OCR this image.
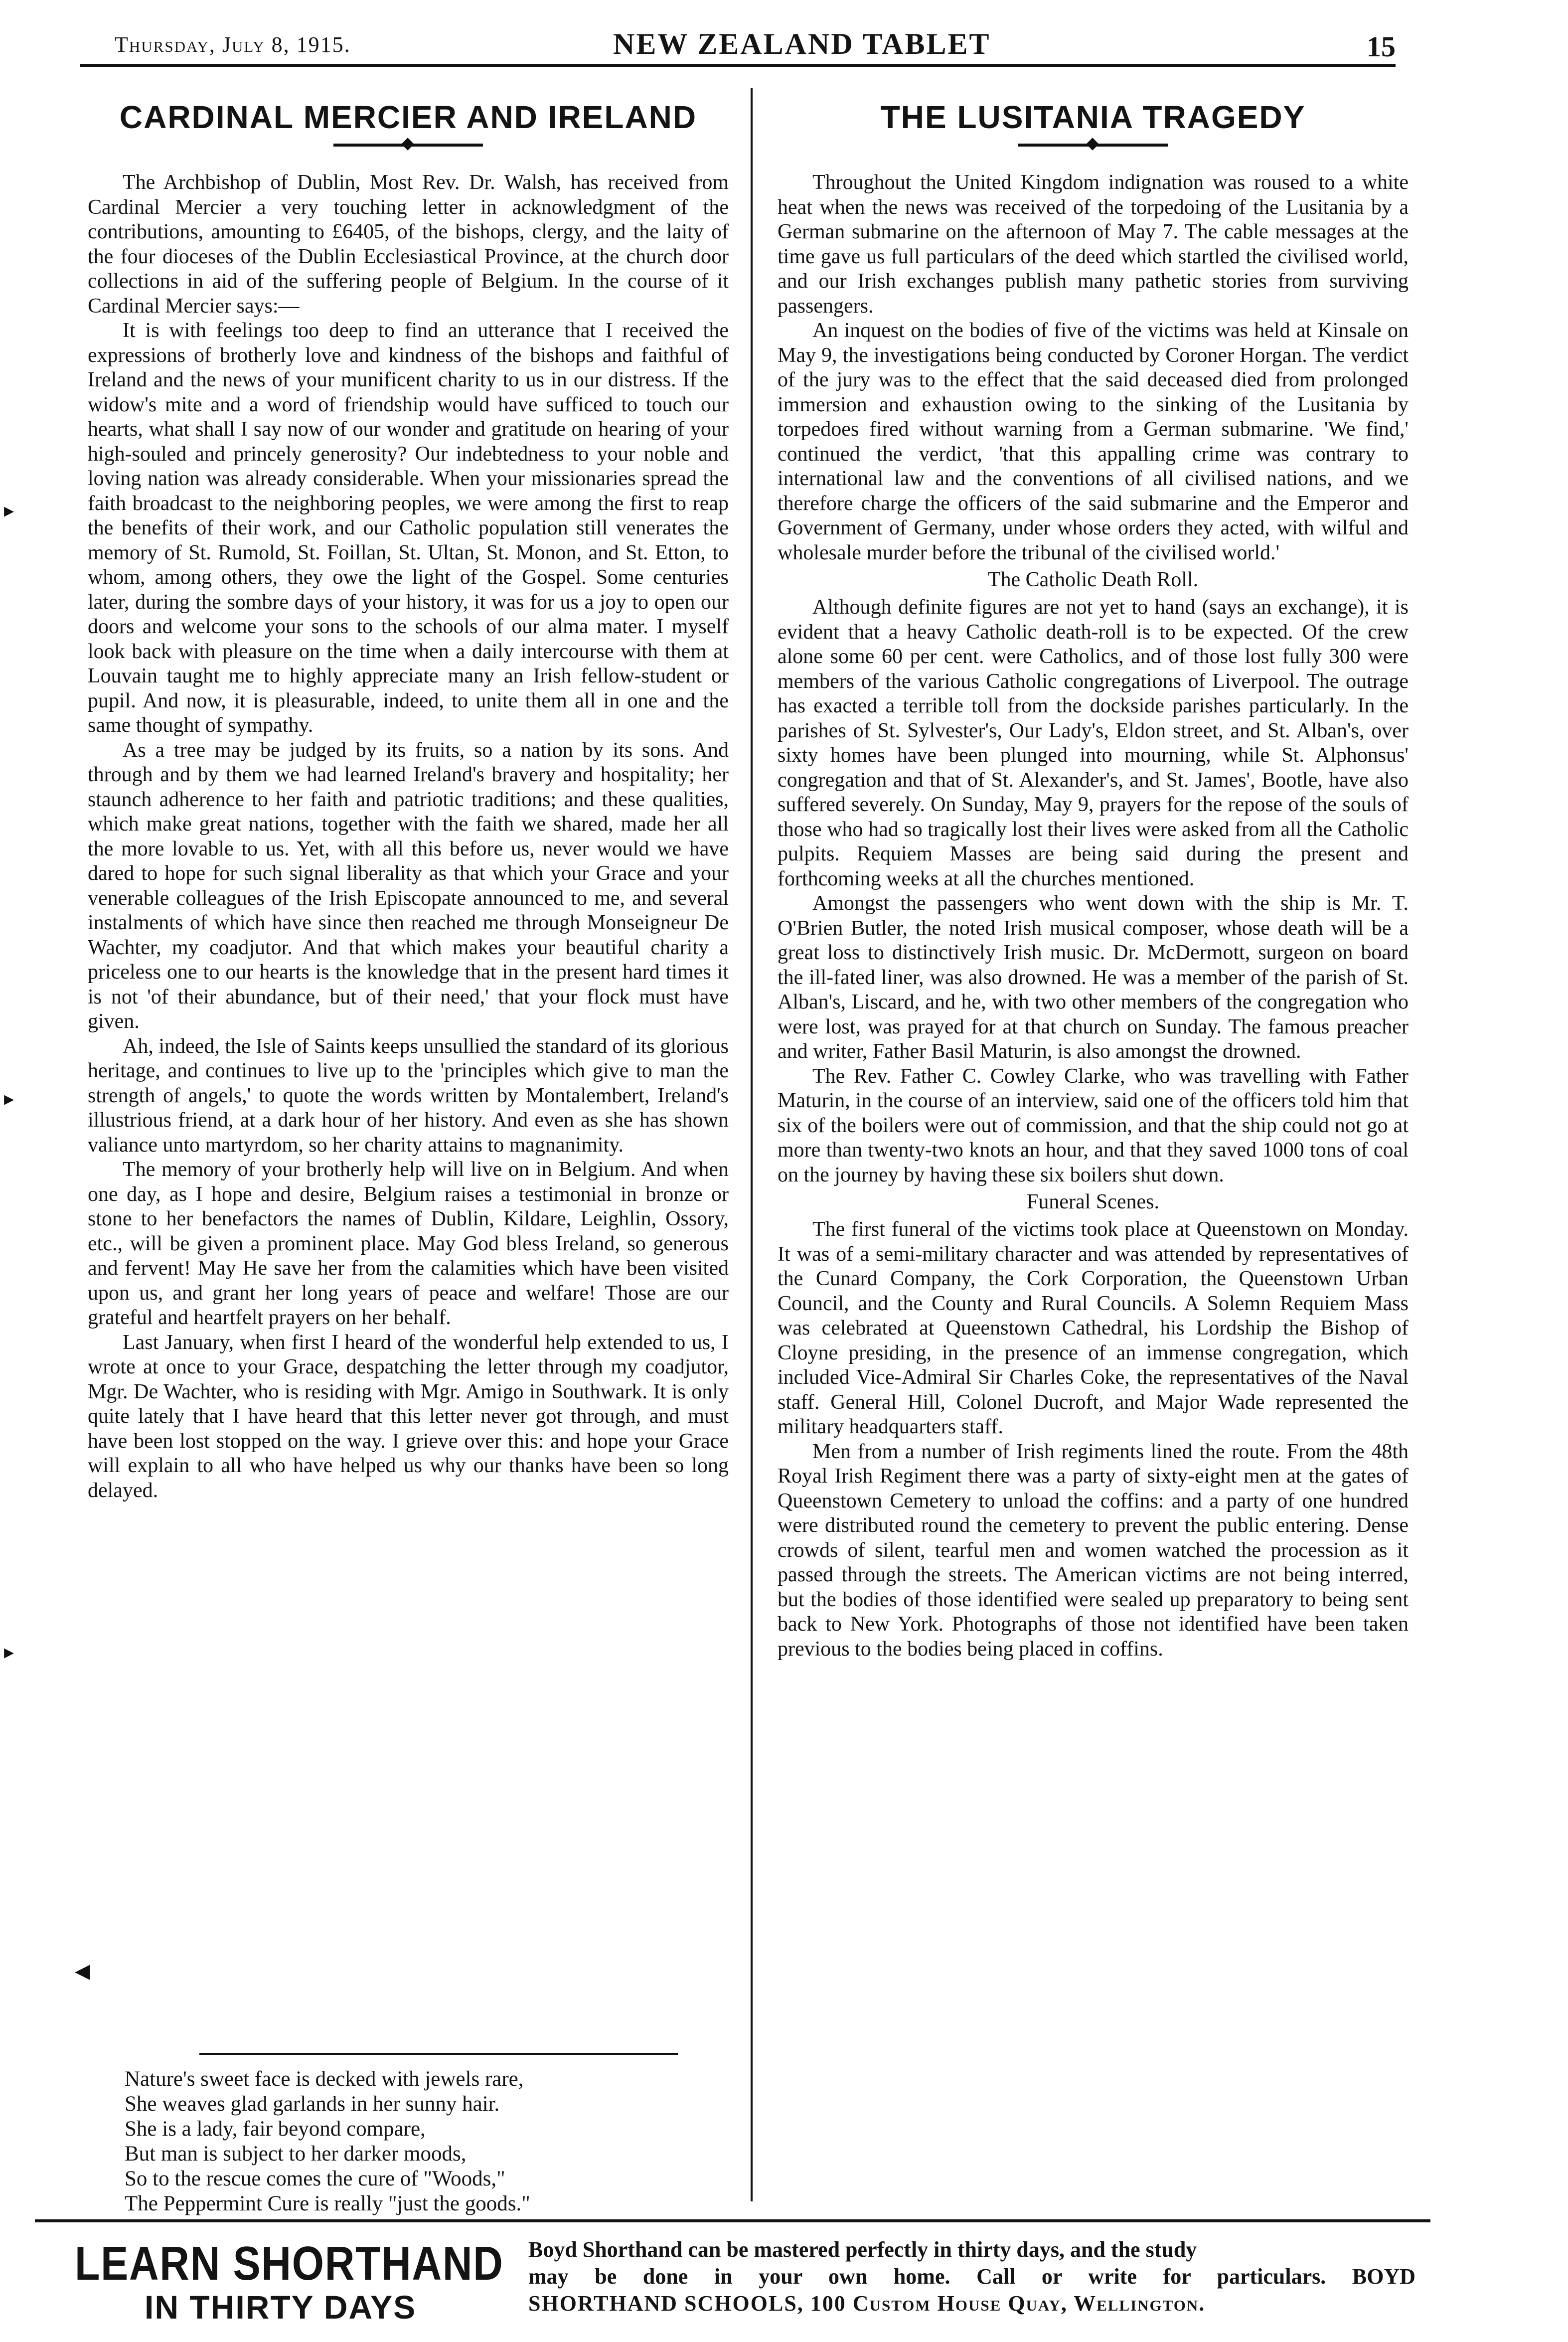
Thursday, July 8, 1915.	NEW ZEALAND TABLET	15
CARDINAL MERCIER AND IRELAND

The Archbishop of Dublin, Most Rev. Dr. Walsh, has received from Cardinal Mercier a very touching letter in acknowledgment of the contributions, amounting to £6405, of the bishops, clergy, and the laity of the four dioceses of the Dublin Ecclesiastical Province, at the church door collections in aid of the suffering people of Belgium. In the course of it Cardinal Mercier says:—

It is with feelings too deep to find an utterance that I received the expressions of brotherly love and kindness of the bishops and faithful of Ireland and the news of your munificent charity to us in our distress. If the widow's mite and a word of friendship would have sufficed to touch our hearts, what shall I say now of our wonder and gratitude on hearing of your high-souled and princely generosity? Our indebtedness to your noble and loving nation was already considerable. When your missionaries spread the faith broadcast to the neighboring peoples, we were among the first to reap the benefits of their work, and our Catholic population still venerates the memory of St. Rumold, St. Foillan, St. Ultan, St. Monon, and St. Etton, to whom, among others, they owe the light of the Gospel. Some centuries later, during the sombre days of your history, it was for us a joy to open our doors and welcome your sons to the schools of our alma mater. I myself look back with pleasure on the time when a daily intercourse with them at Louvain taught me to highly appreciate many an Irish fellow-student or pupil. And now, it is pleasurable, indeed, to unite them all in one and the same thought of sympathy.

As a tree may be judged by its fruits, so a nation by its sons. And through and by them we had learned Ireland's bravery and hospitality; her staunch adherence to her faith and patriotic traditions; and these qualities, which make great nations, together with the faith we shared, made her all the more lovable to us. Yet, with all this before us, never would we have dared to hope for such signal liberality as that which your Grace and your venerable colleagues of the Irish Episcopate announced to me, and several instalments of which have since then reached me through Monseigneur De Wachter, my coadjutor. And that which makes your beautiful charity a priceless one to our hearts is the knowledge that in the present hard times it is not 'of their abundance, but of their need,' that your flock must have given.

Ah, indeed, the Isle of Saints keeps unsullied the standard of its glorious heritage, and continues to live up to the 'principles which give to man the strength of angels,' to quote the words written by Montalembert, Ireland's illustrious friend, at a dark hour of her history. And even as she has shown valiance unto martyrdom, so her charity attains to magnanimity.

The memory of your brotherly help will live on in Belgium. And when one day, as I hope and desire, Belgium raises a testimonial in bronze or stone to her benefactors the names of Dublin, Kildare, Leighlin, Ossory, etc., will be given a prominent place. May God bless Ireland, so generous and fervent! May He save her from the calamities which have been visited upon us, and grant her long years of peace and welfare! Those are our grateful and heartfelt prayers on her behalf.

Last January, when first I heard of the wonderful help extended to us, I wrote at once to your Grace, despatching the letter through my coadjutor, Mgr. De Wachter, who is residing with Mgr. Amigo in Southwark. It is only quite lately that I have heard that this letter never got through, and must have been lost stopped on the way. I grieve over this: and hope your Grace will explain to all who have helped us why our thanks have been so long delayed.

Nature's sweet face is decked with jewels rare,
She weaves glad garlands in her sunny hair.
She is a lady, fair beyond compare,
But man is subject to her darker moods,
So to the rescue comes the cure of "Woods,"
The Peppermint Cure is really "just the goods."
THE LUSITANIA TRAGEDY

Throughout the United Kingdom indignation was roused to a white heat when the news was received of the torpedoing of the Lusitania by a German submarine on the afternoon of May 7. The cable messages at the time gave us full particulars of the deed which startled the civilised world, and our Irish exchanges publish many pathetic stories from surviving passengers.

An inquest on the bodies of five of the victims was held at Kinsale on May 9, the investigations being conducted by Coroner Horgan. The verdict of the jury was to the effect that the said deceased died from prolonged immersion and exhaustion owing to the sinking of the Lusitania by torpedoes fired without warning from a German submarine. 'We find,' continued the verdict, 'that this appalling crime was contrary to international law and the conventions of all civilised nations, and we therefore charge the officers of the said submarine and the Emperor and Government of Germany, under whose orders they acted, with wilful and wholesale murder before the tribunal of the civilised world.'

The Catholic Death Roll.

Although definite figures are not yet to hand (says an exchange), it is evident that a heavy Catholic death-roll is to be expected. Of the crew alone some 60 per cent. were Catholics, and of those lost fully 300 were members of the various Catholic congregations of Liverpool. The outrage has exacted a terrible toll from the dockside parishes particularly. In the parishes of St. Sylvester's, Our Lady's, Eldon street, and St. Alban's, over sixty homes have been plunged into mourning, while St. Alphonsus' congregation and that of St. Alexander's, and St. James', Bootle, have also suffered severely. On Sunday, May 9, prayers for the repose of the souls of those who had so tragically lost their lives were asked from all the Catholic pulpits. Requiem Masses are being said during the present and forthcoming weeks at all the churches mentioned.

Amongst the passengers who went down with the ship is Mr. T. O'Brien Butler, the noted Irish musical composer, whose death will be a great loss to distinctively Irish music. Dr. McDermott, surgeon on board the ill-fated liner, was also drowned. He was a member of the parish of St. Alban's, Liscard, and he, with two other members of the congregation who were lost, was prayed for at that church on Sunday. The famous preacher and writer, Father Basil Maturin, is also amongst the drowned.

The Rev. Father C. Cowley Clarke, who was travelling with Father Maturin, in the course of an interview, said one of the officers told him that six of the boilers were out of commission, and that the ship could not go at more than twenty-two knots an hour, and that they saved 1000 tons of coal on the journey by having these six boilers shut down.

Funeral Scenes.

The first funeral of the victims took place at Queenstown on Monday. It was of a semi-military character and was attended by representatives of the Cunard Company, the Cork Corporation, the Queenstown Urban Council, and the County and Rural Councils. A Solemn Requiem Mass was celebrated at Queenstown Cathedral, his Lordship the Bishop of Cloyne presiding, in the presence of an immense congregation, which included Vice-Admiral Sir Charles Coke, the representatives of the Naval staff. General Hill, Colonel Ducroft, and Major Wade represented the military headquarters staff.

Men from a number of Irish regiments lined the route. From the 48th Royal Irish Regiment there was a party of sixty-eight men at the gates of Queenstown Cemetery to unload the coffins: and a party of one hundred were distributed round the cemetery to prevent the public entering. Dense crowds of silent, tearful men and women watched the procession as it passed through the streets. The American victims are not being interred, but the bodies of those identified were sealed up preparatory to being sent back to New York. Photographs of those not identified have been taken previous to the bodies being placed in coffins.

▸
▸
▸
◀
LEARN SHORTHAND
IN THIRTY DAYS
Boyd Shorthand can be mastered perfectly in thirty days, and the study
may be done in your own home. Call or write for particulars. BOYD
SHORTHAND SCHOOLS, 100 Custom House Quay, Wellington.
